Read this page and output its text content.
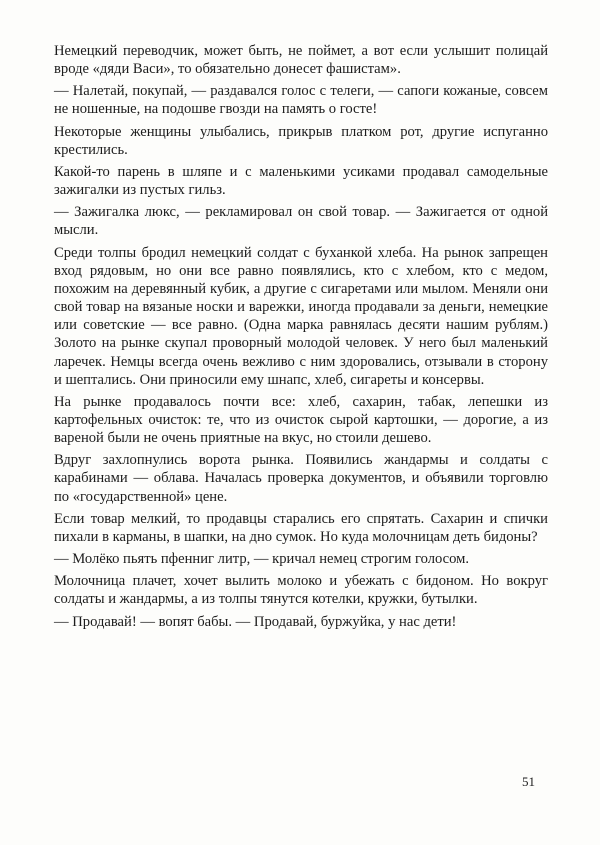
Немецкий переводчик, может быть, не поймет, а вот если услышит полицай вроде «дяди Васи», то обязательно донесет фашистам».

— Налетай, покупай, — раздавался голос с телеги, — сапоги кожаные, совсем не ношенные, на подошве гвозди на память о госте!

Некоторые женщины улыбались, прикрыв платком рот, другие испуганно крестились.

Какой-то парень в шляпе и с маленькими усиками продавал самодельные зажигалки из пустых гильз.

— Зажигалка люкс, — рекламировал он свой товар. — Зажигается от одной мысли.

Среди толпы бродил немецкий солдат с буханкой хлеба. На рынок запрещен вход рядовым, но они все равно появлялись, кто с хлебом, кто с медом, похожим на деревянный кубик, а другие с сигаретами или мылом. Меняли они свой товар на вязаные носки и варежки, иногда продавали за деньги, немецкие или советские — все равно. (Одна марка равнялась десяти нашим рублям.) Золото на рынке скупал проворный молодой человек. У него был маленький ларечек. Немцы всегда очень вежливо с ним здоровались, отзывали в сторону и шептались. Они приносили ему шнапс, хлеб, сигареты и консервы.

На рынке продавалось почти все: хлеб, сахарин, табак, лепешки из картофельных очисток: те, что из очисток сырой картошки, — дорогие, а из вареной были не очень приятные на вкус, но стоили дешево.

Вдруг захлопнулись ворота рынка. Появились жандармы и солдаты с карабинами — облава. Началась проверка документов, и объявили торговлю по «государственной» цене.

Если товар мелкий, то продавцы старались его спрятать. Сахарин и спички пихали в карманы, в шапки, на дно сумок. Но куда молочницам деть бидоны?

— Молёко пьять пфенниг литр, — кричал немец строгим голосом.

Молочница плачет, хочет вылить молоко и убежать с бидоном. Но вокруг солдаты и жандармы, а из толпы тянутся котелки, кружки, бутылки.

— Продавай! — вопят бабы. — Продавай, буржуйка, у нас дети!

51
